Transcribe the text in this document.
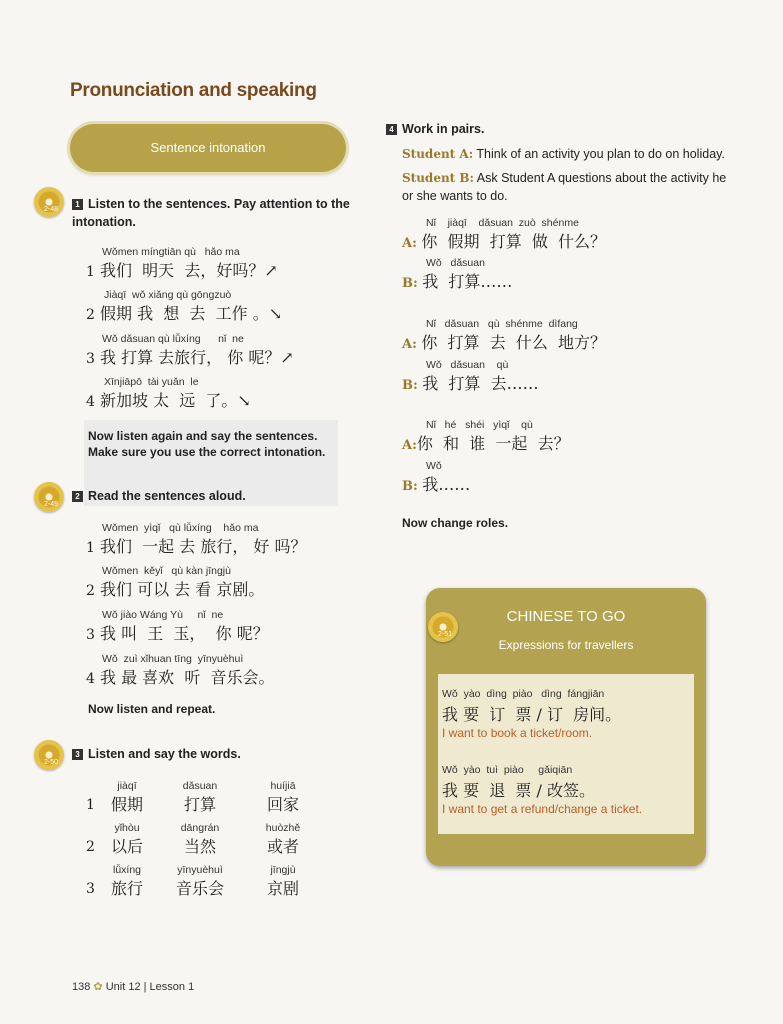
Pronunciation and speaking
Sentence intonation
2-48
1 Listen to the sentences. Pay attention to the
intonation.
Wǒmen míngtiān qù   hǎo ma
1 我们  明天  去，好吗？↗
Jiàqī  wǒ xiǎng qù gōngzuò
2 假期 我  想  去  工作 。↘
Wǒ dǎsuan qù lǚxíng      nǐ  ne
3 我 打算 去旅行， 你 呢？↗
Xīnjiāpō  tài yuǎn  le
4 新加坡 太  远  了。↘
Now listen again and say the sentences.
Make sure you use the correct intonation.
2-49
2 Read the sentences aloud.
Wǒmen  yìqǐ   qù lǚxíng    hǎo ma
1 我们  一起 去 旅行， 好 吗？
Wǒmen  kěyǐ   qù kàn jīngjù
2 我们 可以 去 看 京剧。
Wǒ jiào Wáng Yù     nǐ  ne
3 我 叫  王  玉，  你 呢？
Wǒ  zuì xǐhuan tīng  yīnyuèhuì
4 我 最 喜欢  听  音乐会。
Now listen and repeat.
2-50
3 Listen and say the words.
1
jiàqī
假期
dǎsuan
打算
huíjiā
回家
2
yǐhòu
以后
dāngrán
当然
huòzhě
或者
3
lǚxíng
旅行
yīnyuèhuì
音乐会
jīngjù
京剧
4 Work in pairs.
Student A: Think of an activity you plan to do on holiday.
Student B: Ask Student A questions about the activity he
or she wants to do.
Nǐ    jiàqī    dǎsuan  zuò  shénme
A: 你  假期  打算  做  什么？
Wǒ   dǎsuan
B: 我  打算……
Nǐ   dǎsuan   qù  shénme  dìfang
A: 你  打算  去  什么  地方？
Wǒ   dǎsuan    qù
B: 我  打算  去……
Nǐ   hé   shéi   yìqǐ    qù
A:你  和  谁  一起  去？
Wǒ
B: 我……
Now change roles.
CHINESE TO GO
Expressions for travellers
2-51
Wǒ  yào  dìng  piào   dìng  fángjiān
我 要  订  票 / 订  房间。
I want to book a ticket/room.
Wǒ  yào  tuì  piào     gǎiqiān
我 要  退  票 / 改签。
I want to get a refund/change a ticket.
138 ✿ Unit 12 | Lesson 1
